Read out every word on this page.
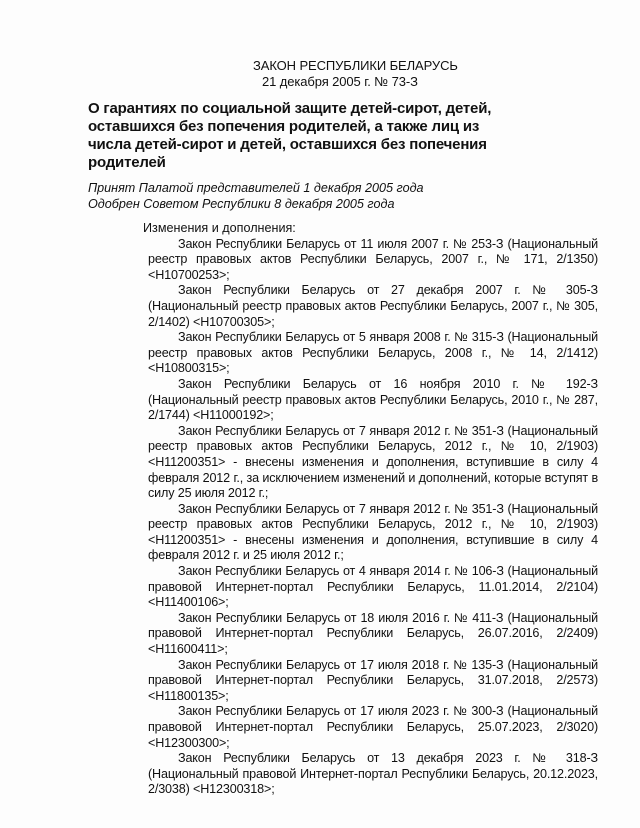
ЗАКОН РЕСПУБЛИКИ БЕЛАРУСЬ
21 декабря 2005 г. № 73-З
О гарантиях по социальной защите детей-сирот, детей, оставшихся без попечения родителей, а также лиц из числа детей-сирот и детей, оставшихся без попечения родителей
Принят Палатой представителей 1 декабря 2005 года
Одобрен Советом Республики 8 декабря 2005 года
Изменения и дополнения:

Закон Республики Беларусь от 11 июля 2007 г. № 253-З (Национальный реестр правовых актов Республики Беларусь, 2007 г., № 171, 2/1350) <H10700253>;

Закон Республики Беларусь от 27 декабря 2007 г. № 305-З (Национальный реестр правовых актов Республики Беларусь, 2007 г., № 305, 2/1402) <H10700305>;

Закон Республики Беларусь от 5 января 2008 г. № 315-З (Национальный реестр правовых актов Республики Беларусь, 2008 г., № 14, 2/1412) <H10800315>;

Закон Республики Беларусь от 16 ноября 2010 г. № 192-З (Национальный реестр правовых актов Республики Беларусь, 2010 г., № 287, 2/1744) <H11000192>;

Закон Республики Беларусь от 7 января 2012 г. № 351-З (Национальный реестр правовых актов Республики Беларусь, 2012 г., № 10, 2/1903) <H11200351> - внесены изменения и дополнения, вступившие в силу 4 февраля 2012 г., за исключением изменений и дополнений, которые вступят в силу 25 июля 2012 г.;

Закон Республики Беларусь от 7 января 2012 г. № 351-З (Национальный реестр правовых актов Республики Беларусь, 2012 г., № 10, 2/1903) <H11200351> - внесены изменения и дополнения, вступившие в силу 4 февраля 2012 г. и 25 июля 2012 г.;

Закон Республики Беларусь от 4 января 2014 г. № 106-З (Национальный правовой Интернет-портал Республики Беларусь, 11.01.2014, 2/2104) <H11400106>;

Закон Республики Беларусь от 18 июля 2016 г. № 411-З (Национальный правовой Интернет-портал Республики Беларусь, 26.07.2016, 2/2409) <H11600411>;

Закон Республики Беларусь от 17 июля 2018 г. № 135-З (Национальный правовой Интернет-портал Республики Беларусь, 31.07.2018, 2/2573) <H11800135>;

Закон Республики Беларусь от 17 июля 2023 г. № 300-З (Национальный правовой Интернет-портал Республики Беларусь, 25.07.2023, 2/3020) <H12300300>;

Закон Республики Беларусь от 13 декабря 2023 г. № 318-З (Национальный правовой Интернет-портал Республики Беларусь, 20.12.2023, 2/3038) <H12300318>;
